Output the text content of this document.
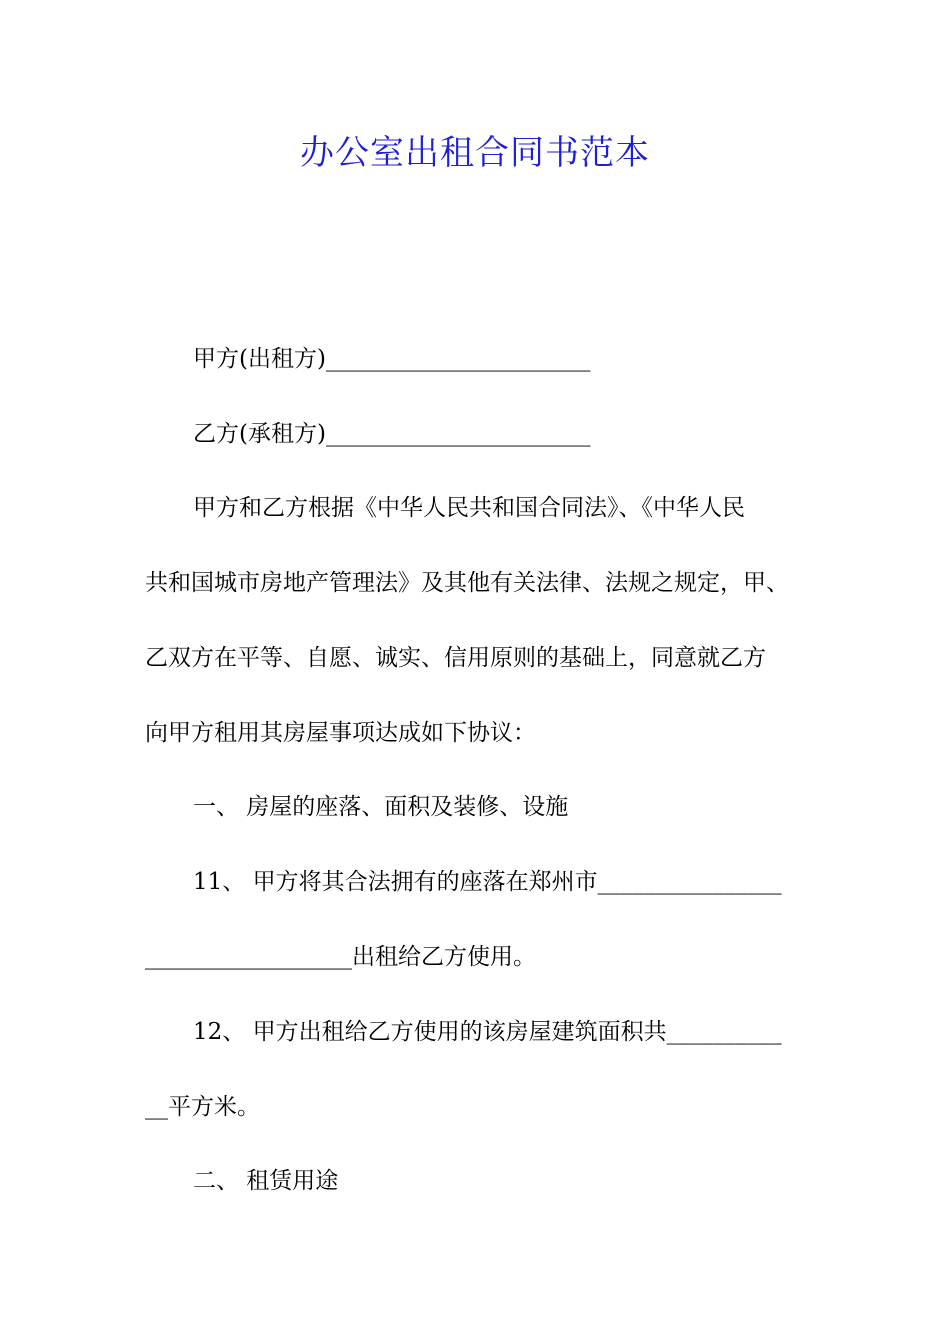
办公室出租合同书范本
甲方(出租方)_______________________
乙方(承租方)_______________________
甲方和乙方根据《中华人民共和国合同法》、《中华人民
共和国城市房地产管理法》及其他有关法律、法规之规定，甲、
乙双方在平等、自愿、诚实、信用原则的基础上，同意就乙方
向甲方租用其房屋事项达成如下协议：
一、 房屋的座落、面积及装修、设施
11、 甲方将其合法拥有的座落在郑州市________________
__________________出租给乙方使用。
12、 甲方出租给乙方使用的该房屋建筑面积共__________
__平方米。
二、 租赁用途
